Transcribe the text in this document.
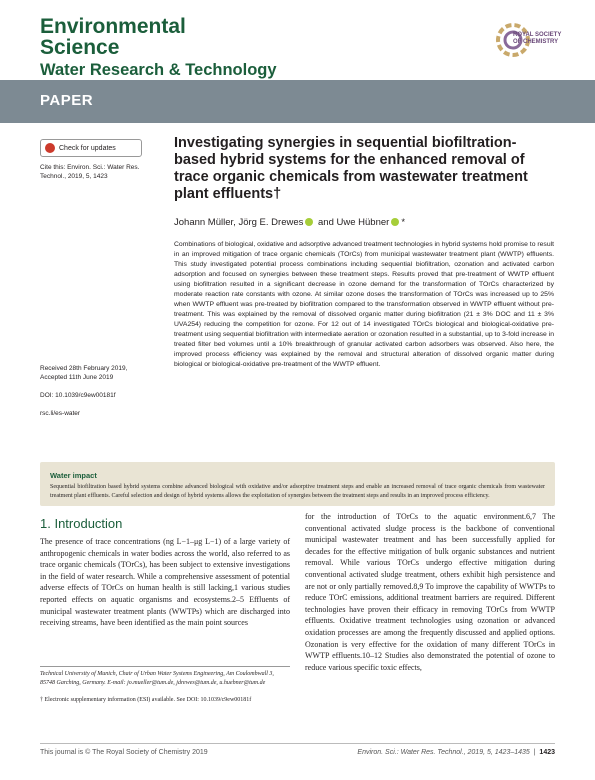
Environmental
Science
Water Research & Technology
ROYAL SOCIETY
OF CHEMISTRY
PAPER
Check for updates
Cite this: Environ. Sci.: Water Res. Technol., 2019, 5, 1423
Investigating synergies in sequential biofiltration-based hybrid systems for the enhanced removal of trace organic chemicals from wastewater treatment plant effluents†
Johann Müller, Jörg E. Drewes and Uwe Hübner *
Combinations of biological, oxidative and adsorptive advanced treatment technologies in hybrid systems hold promise to result in an improved mitigation of trace organic chemicals (TOrCs) from municipal wastewater treatment plant (WWTP) effluents. This study investigated potential process combinations including sequential biofiltration, ozonation and activated carbon adsorption and focused on synergies between these treatment steps. Results proved that pre-treatment of WWTP effluent using biofiltration resulted in a significant decrease in ozone demand for the transformation of TOrCs characterized by moderate reaction rate constants with ozone. At similar ozone doses the transformation of TOrCs was increased up to 25% when WWTP effluent was pre-treated by biofiltration compared to the transformation observed in WWTP effluent without pre-treatment. This was explained by the removal of dissolved organic matter during biofiltration (21 ± 3% DOC and 11 ± 3% UVA254) reducing the competition for ozone. For 12 out of 14 investigated TOrCs biological and biological-oxidative pre-treatment using sequential biofiltration with intermediate aeration or ozonation resulted in a substantial, up to 3-fold increase in treated filter bed volumes until a 10% breakthrough of granular activated carbon adsorbers was observed. Also here, the improved process efficiency was explained by the removal and structural alteration of dissolved organic matter during biological or biological-oxidative pre-treatment of the WWTP effluent.
Received 28th February 2019,
Accepted 11th June 2019
DOI: 10.1039/c9ew00181f
rsc.li/es-water
Water impact
Sequential biofiltration based hybrid systems combine advanced biological with oxidative and/or adsorptive treatment steps and enable an increased removal of trace organic chemicals from wastewater treatment plant effluents. Careful selection and design of hybrid systems allows the exploitation of synergies between the treatment steps and results in an improved process efficiency.
1. Introduction
The presence of trace concentrations (ng L−1–μg L−1) of a large variety of anthropogenic chemicals in water bodies across the world, also referred to as trace organic chemicals (TOrCs), has been subject to extensive investigations in the field of water research. While a comprehensive assessment of potential adverse effects of TOrCs on human health is still lacking,1 various studies reported effects on aquatic organisms and ecosystems.2–5 Effluents of municipal wastewater treatment plants (WWTPs) which are discharged into receiving streams, have been identified as the main point sources
for the introduction of TOrCs to the aquatic environment.6,7 The conventional activated sludge process is the backbone of conventional municipal wastewater treatment and has been successfully applied for decades for the effective mitigation of bulk organic substances and nutrient removal. While various TOrCs undergo effective mitigation during conventional activated sludge treatment, others exhibit high persistence and are not or only partially removed.8,9 To improve the capability of WWTPs to reduce TOrC emissions, additional treatment barriers are required. Different technologies have proven their efficacy in removing TOrCs from WWTP effluents. Oxidative treatment technologies using ozonation or advanced oxidation processes are among the frequently discussed and applied options. Ozonation is very effective for the oxidation of many different TOrCs in WWTP effluents.10–12 Studies also demonstrated the potential of ozone to reduce various specific toxic effects,
Technical University of Munich, Chair of Urban Water Systems Engineering, Am Coulombwall 3, 85748 Garching, Germany. E-mail: jo.mueller@tum.de, jdrewes@tum.de, u.huebner@tum.de
† Electronic supplementary information (ESI) available. See DOI: 10.1039/c9ew00181f
This journal is © The Royal Society of Chemistry 2019	Environ. Sci.: Water Res. Technol., 2019, 5, 1423–1435  |  1423
